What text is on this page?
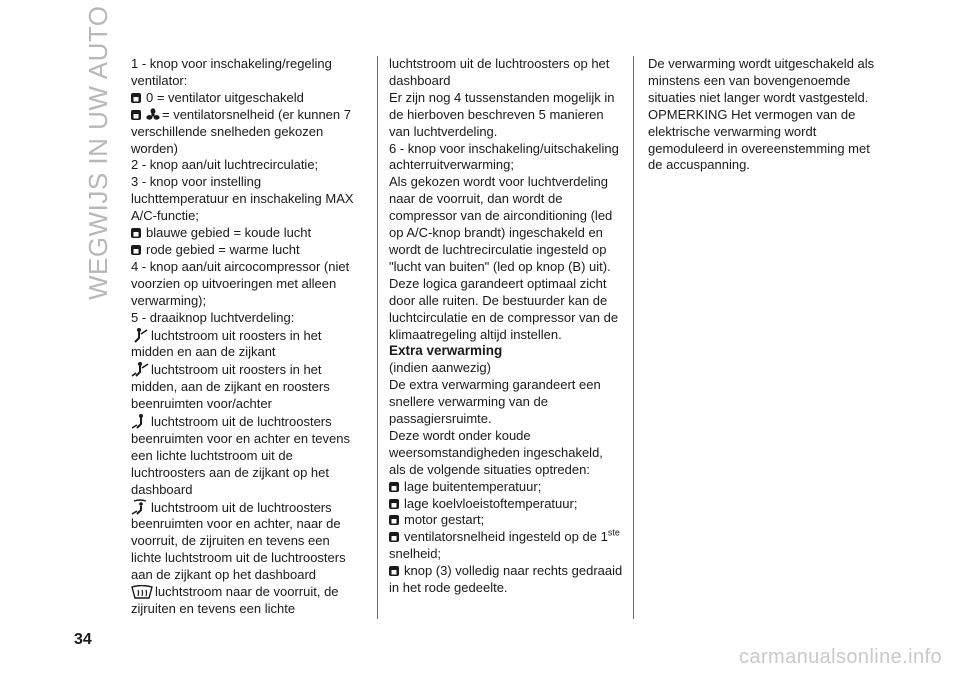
WEGWIJS IN UW AUTO 1 - knop voor inschakeling/regeling ventilator:

0 = ventilator uitgeschakeld

= ventilatorsnelheid (er kunnen 7 verschillende snelheden gekozen worden)

2 - knop aan/uit luchtrecirculatie;

3 - knop voor instelling luchttemperatuur en inschakeling MAX A/C-functie;

blauwe gebied = koude lucht

rode gebied = warme lucht

4 - knop aan/uit aircocompressor (niet voorzien op uitvoeringen met alleen verwarming);

5 - draaiknop luchtverdeling:

luchtstroom uit roosters in het midden en aan de zijkant

luchtstroom uit roosters in het midden, aan de zijkant en roosters beenruimten voor/achter

luchtstroom uit de luchtroosters beenruimten voor en achter en tevens een lichte luchtstroom uit de luchtroosters aan de zijkant op het dashboard

luchtstroom uit de luchtroosters beenruimten voor en achter, naar de voorruit, de zijruiten en tevens een lichte luchtstroom uit de luchtroosters aan de zijkant op het dashboard

luchtstroom naar de voorruit, de zijruiten en tevens een lichte

luchtstroom uit de luchtroosters op het dashboard

Er zijn nog 4 tussenstanden mogelijk in de hierboven beschreven 5 manieren van luchtverdeling.

6 - knop voor inschakeling/uitschakeling achterruitverwarming;

Als gekozen wordt voor luchtverdeling naar de voorruit, dan wordt de compressor van de airconditioning (led op A/C-knop brandt) ingeschakeld en wordt de luchtrecirculatie ingesteld op "lucht van buiten" (led op knop (B) uit). Deze logica garandeert optimaal zicht door alle ruiten. De bestuurder kan de luchtcirculatie en de compressor van de klimaatregeling altijd instellen.

Extra verwarming

(indien aanwezig)

De extra verwarming garandeert een snellere verwarming van de passagiersruimte.

Deze wordt onder koude weersomstandigheden ingeschakeld, als de volgende situaties optreden:

lage buitentemperatuur;

lage koelvloeistoftemperatuur;

motor gestart;

ventilatorsnelheid ingesteld op de 1ste snelheid;

knop (3) volledig naar rechts gedraaid in het rode gedeelte.

De verwarming wordt uitgeschakeld als minstens een van bovengenoemde situaties niet langer wordt vastgesteld.

OPMERKING Het vermogen van de elektrische verwarming wordt gemoduleerd in overeenstemming met de accuspanning.

34
carmanualsonline.info
